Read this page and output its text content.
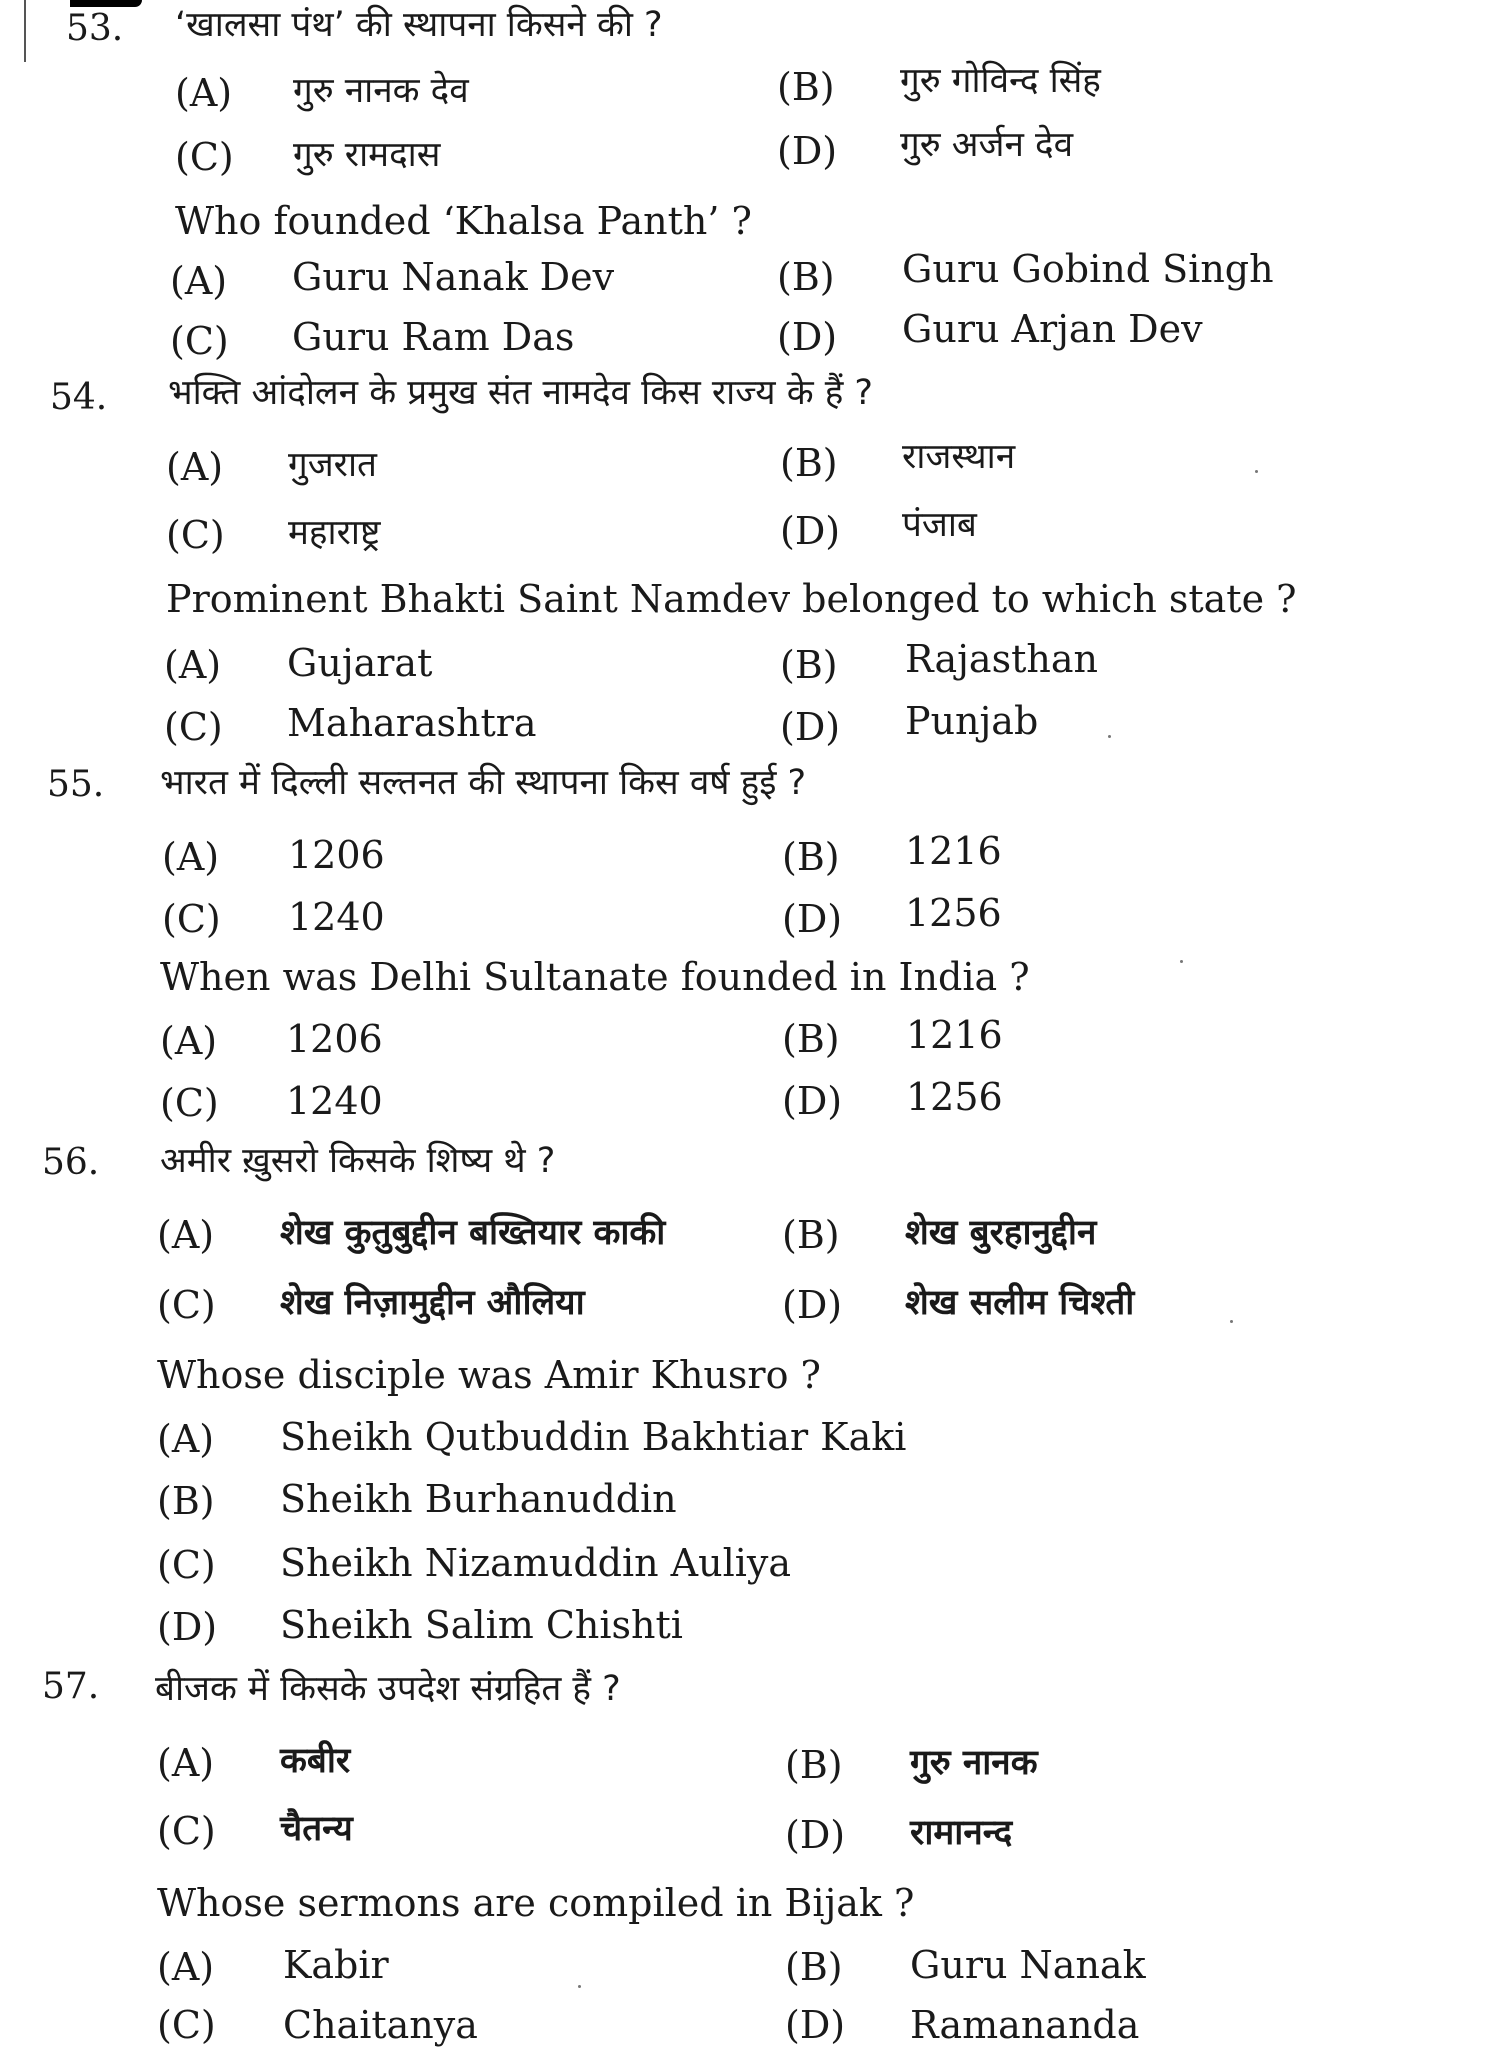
53. ‘खालसा पंथ’ की स्थापना किसने की ?
(A) गुरु नानक देव	(B) गुरु गोविन्द सिंह
(C) गुरु रामदास	(D) गुरु अर्जन देव
Who founded ‘Khalsa Panth’ ?
(A) Guru Nanak Dev	(B) Guru Gobind Singh
(C) Guru Ram Das	(D) Guru Arjan Dev
54. भक्ति आंदोलन के प्रमुख संत नामदेव किस राज्य के हैं ?
(A) गुजरात	(B) राजस्थान
(C) महाराष्ट्र	(D) पंजाब
Prominent Bhakti Saint Namdev belonged to which state ?
(A) Gujarat	(B) Rajasthan
(C) Maharashtra	(D) Punjab
55. भारत में दिल्ली सल्तनत की स्थापना किस वर्ष हुई ?
(A) 1206	(B) 1216
(C) 1240	(D) 1256
When was Delhi Sultanate founded in India ?
(A) 1206	(B) 1216
(C) 1240	(D) 1256
56. अमीर ख़ुसरो किसके शिष्य थे ?
(A) शेख कुतुबुद्दीन बख्तियार काकी	(B) शेख बुरहानुद्दीन
(C) शेख निज़ामुद्दीन औलिया	(D) शेख सलीम चिश्ती
Whose disciple was Amir Khusro ?
(A) Sheikh Qutbuddin Bakhtiar Kaki
(B) Sheikh Burhanuddin
(C) Sheikh Nizamuddin Auliya
(D) Sheikh Salim Chishti
57. बीजक में किसके उपदेश संग्रहित हैं ?
(A) कबीर	(B) गुरु नानक
(C) चैतन्य	(D) रामानन्द
Whose sermons are compiled in Bijak ?
(A) Kabir	(B) Guru Nanak
(C) Chaitanya	(D) Ramananda
